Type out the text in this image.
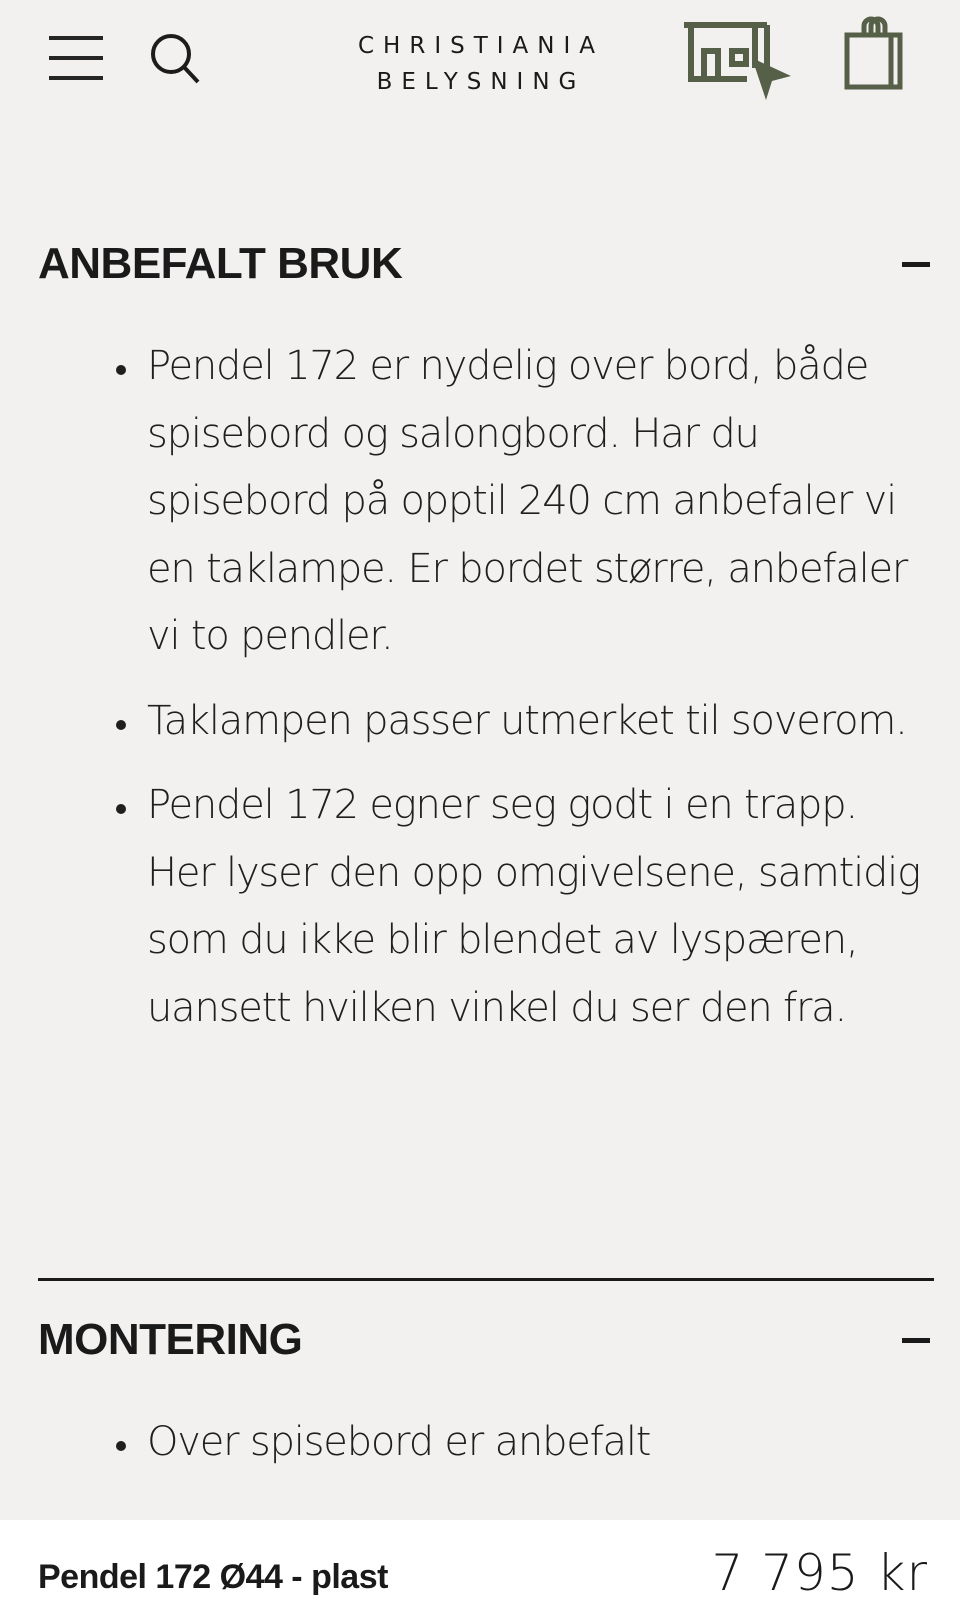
CHRISTIANIA
BELYSNING
ANBEFALT BRUK
Pendel 172 er nydelig over bord, både spisebord og salongbord. Har du spisebord på opptil 240 cm anbefaler vi en taklampe. Er bordet større, anbefaler vi to pendler.
Taklampen passer utmerket til soverom.
Pendel 172 egner seg godt i en trapp. Her lyser den opp omgivelsene, samtidig som du ikke blir blendet av lyspæren, uansett hvilken vinkel du ser den fra.
MONTERING
Over spisebord er anbefalt
Pendel 172 Ø44 - plast	7 795 kr
